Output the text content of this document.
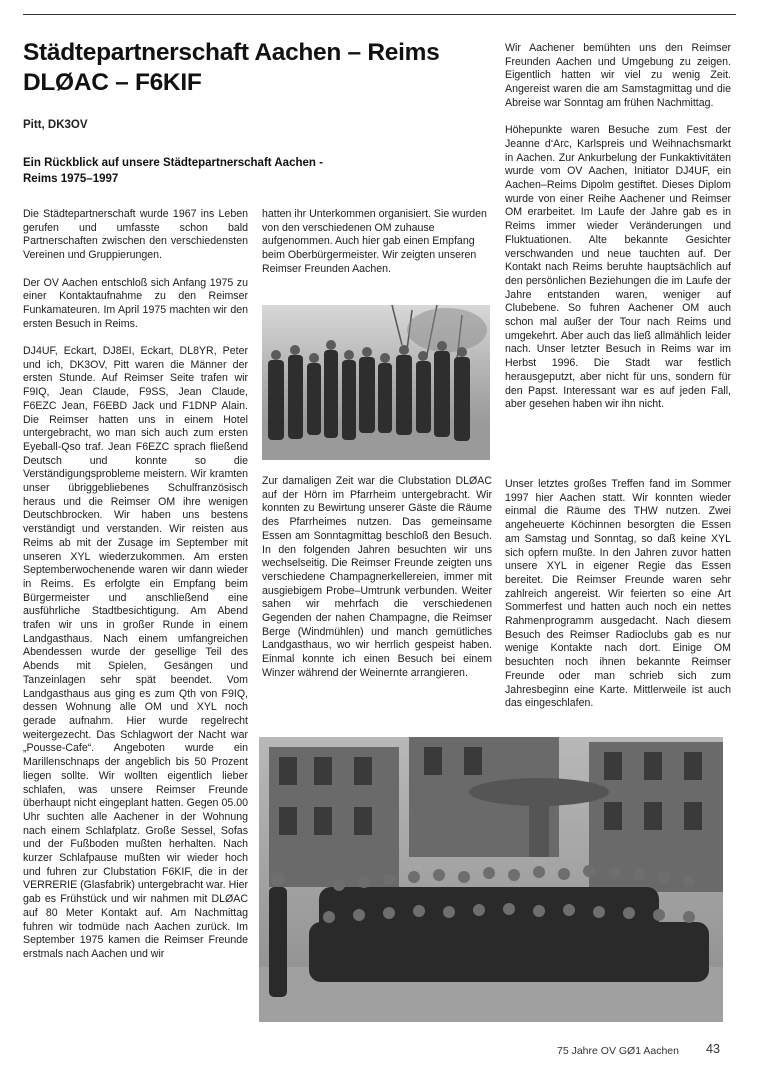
Städtepartnerschaft Aachen – Reims DLØAC – F6KIF
Pitt, DK3OV
Ein Rückblick auf unsere Städtepartnerschaft Aachen - Reims 1975–1997

Die Städtepartnerschaft wurde 1967 ins Leben gerufen und umfasste schon bald Partnerschaften zwischen den verschiedensten Vereinen und Gruppierungen.

Der OV Aachen entschloß sich Anfang 1975 zu einer Kontaktaufnahme zu den Reimser Funkamateuren. Im April 1975 machten wir den ersten Besuch in Reims.

DJ4UF, Eckart, DJ8EI, Eckart, DL8YR, Peter und ich, DK3OV, Pitt waren die Männer der ersten Stunde. Auf Reimser Seite trafen wir F9IQ, Jean Claude, F9SS, Jean Claude, F6EZC Jean, F6EBD Jack und F1DNP Alain. Die Reimser hatten uns in einem Hotel untergebracht, wo man sich auch zum ersten Eyeball-Qso traf. Jean F6EZC sprach fließend Deutsch und konnte so die Verständigungsprobleme meistern. Wir kramten unser übriggebliebenes Schulfranzösisch heraus und die Reimser OM ihre wenigen Deutschbrocken. Wir haben uns bestens verständigt und verstanden. Wir reisten aus Reims ab mit der Zusage im September mit unseren XYL wiederzukommen. Am ersten Septemberwochenende waren wir dann wieder in Reims. Es erfolgte ein Empfang beim Bürgermeister und anschließend eine ausführliche Stadtbesichtigung. Am Abend trafen wir uns in großer Runde in einem Landgasthaus. Nach einem umfangreichen Abendessen wurde der gesellige Teil des Abends mit Spielen, Gesängen und Tanzeinlagen sehr spät beendet. Vom Landgasthaus aus ging es zum Qth von F9IQ, dessen Wohnung alle OM und XYL noch gerade aufnahm. Hier wurde regelrecht weitergezecht. Das Schlagwort der Nacht war „Pousse-Cafe“. Angeboten wurde ein Marillenschnaps der angeblich bis 50 Prozent liegen sollte. Wir wollten eigentlich lieber schlafen, was unsere Reimser Freunde überhaupt nicht eingeplant hatten. Gegen 05.00 Uhr suchten alle Aachener in der Wohnung nach einem Schlafplatz. Große Sessel, Sofas und der Fußboden mußten herhalten. Nach kurzer Schlafpause mußten wir wieder hoch und fuhren zur Clubstation F6KIF, die in der VERRERIE (Glasfabrik) untergebracht war. Hier gab es Frühstück und wir nahmen mit DLØAC auf 80 Meter Kontakt auf. Am Nachmittag fuhren wir todmüde nach Aachen zurück. Im September 1975 kamen die Reimser Freunde erstmals nach Aachen und wir

hatten ihr Unterkommen organisiert. Sie wurden von den verschiedenen OM zuhause aufgenommen. Auch hier gab einen Empfang beim Oberbürgermeister. Wir zeigten unseren Reimser Freunden Aachen.

Zur damaligen Zeit war die Clubstation DLØAC auf der Hörn im Pfarrheim untergebracht. Wir konnten zu Bewirtung unserer Gäste die Räume des Pfarrheimes nutzen. Das gemeinsame Essen am Sonntagmittag beschloß den Besuch. In den folgenden Jahren besuchten wir uns wechselseitig. Die Reimser Freunde zeigten uns verschiedene Champagnerkellereien, immer mit ausgiebigem Probe–Umtrunk verbunden. Weiter sahen wir mehrfach die verschiedenen Gegenden der nahen Champagne, die Reimser Berge (Windmühlen) und manch gemütliches Landgasthaus, wo wir herrlich gespeist haben. Einmal konnte ich einen Besuch bei einem Winzer während der Weinernte arrangieren.

Wir Aachener bemühten uns den Reimser Freunden Aachen und Umgebung zu zeigen. Eigentlich hatten wir viel zu wenig Zeit. Angereist waren die am Samstagmittag und die Abreise war Sonntag am frühen Nachmittag.

Höhepunkte waren Besuche zum Fest der Jeanne d‘Arc, Karlspreis und Weihnachsmarkt in Aachen. Zur Ankurbelung der Funkaktivitäten wurde vom OV Aachen, Initiator DJ4UF, ein Aachen–Reims Dipolm gestiftet. Dieses Diplom wurde von einer Reihe Aachener und Reimser OM erarbeitet. Im Laufe der Jahre gab es in Reims immer wieder Veränderungen und Fluktuationen. Alte bekannte Gesichter verschwanden und neue tauchten auf. Der Kontakt nach Reims beruhte hauptsächlich auf den persönlichen Beziehungen die im Laufe der Jahre entstanden waren, weniger auf Clubebene. So fuhren Aachener OM auch schon mal außer der Tour nach Reims und umgekehrt. Aber auch das ließ allmählich leider nach. Unser letzter Besuch in Reims war im Herbst 1996. Die Stadt war festlich herausgeputzt, aber nicht für uns, sondern für den Papst. Interessant war es auf jeden Fall, aber gesehen haben wir ihn nicht.

Unser letztes großes Treffen fand im Sommer 1997 hier Aachen statt. Wir konnten wieder einmal die Räume des THW nutzen. Zwei angeheuerte Köchinnen besorgten die Essen am Samstag und Sonntag, so daß keine XYL sich opfern mußte. In den Jahren zuvor hatten unsere XYL in eigener Regie das Essen bereitet. Die Reimser Freunde waren sehr zahlreich angereist. Wir feierten so eine Art Sommerfest und hatten auch noch ein nettes Rahmenprogramm ausgedacht. Nach diesem Besuch des Reimser Radioclubs gab es nur wenige Kontakte nach dort. Einige OM besuchten noch ihnen bekannte Reimser Freunde oder man schrieb sich zum Jahresbeginn eine Karte. Mittlerweile ist auch das eingeschlafen.

75 Jahre OV GØ1 Aachen 43
